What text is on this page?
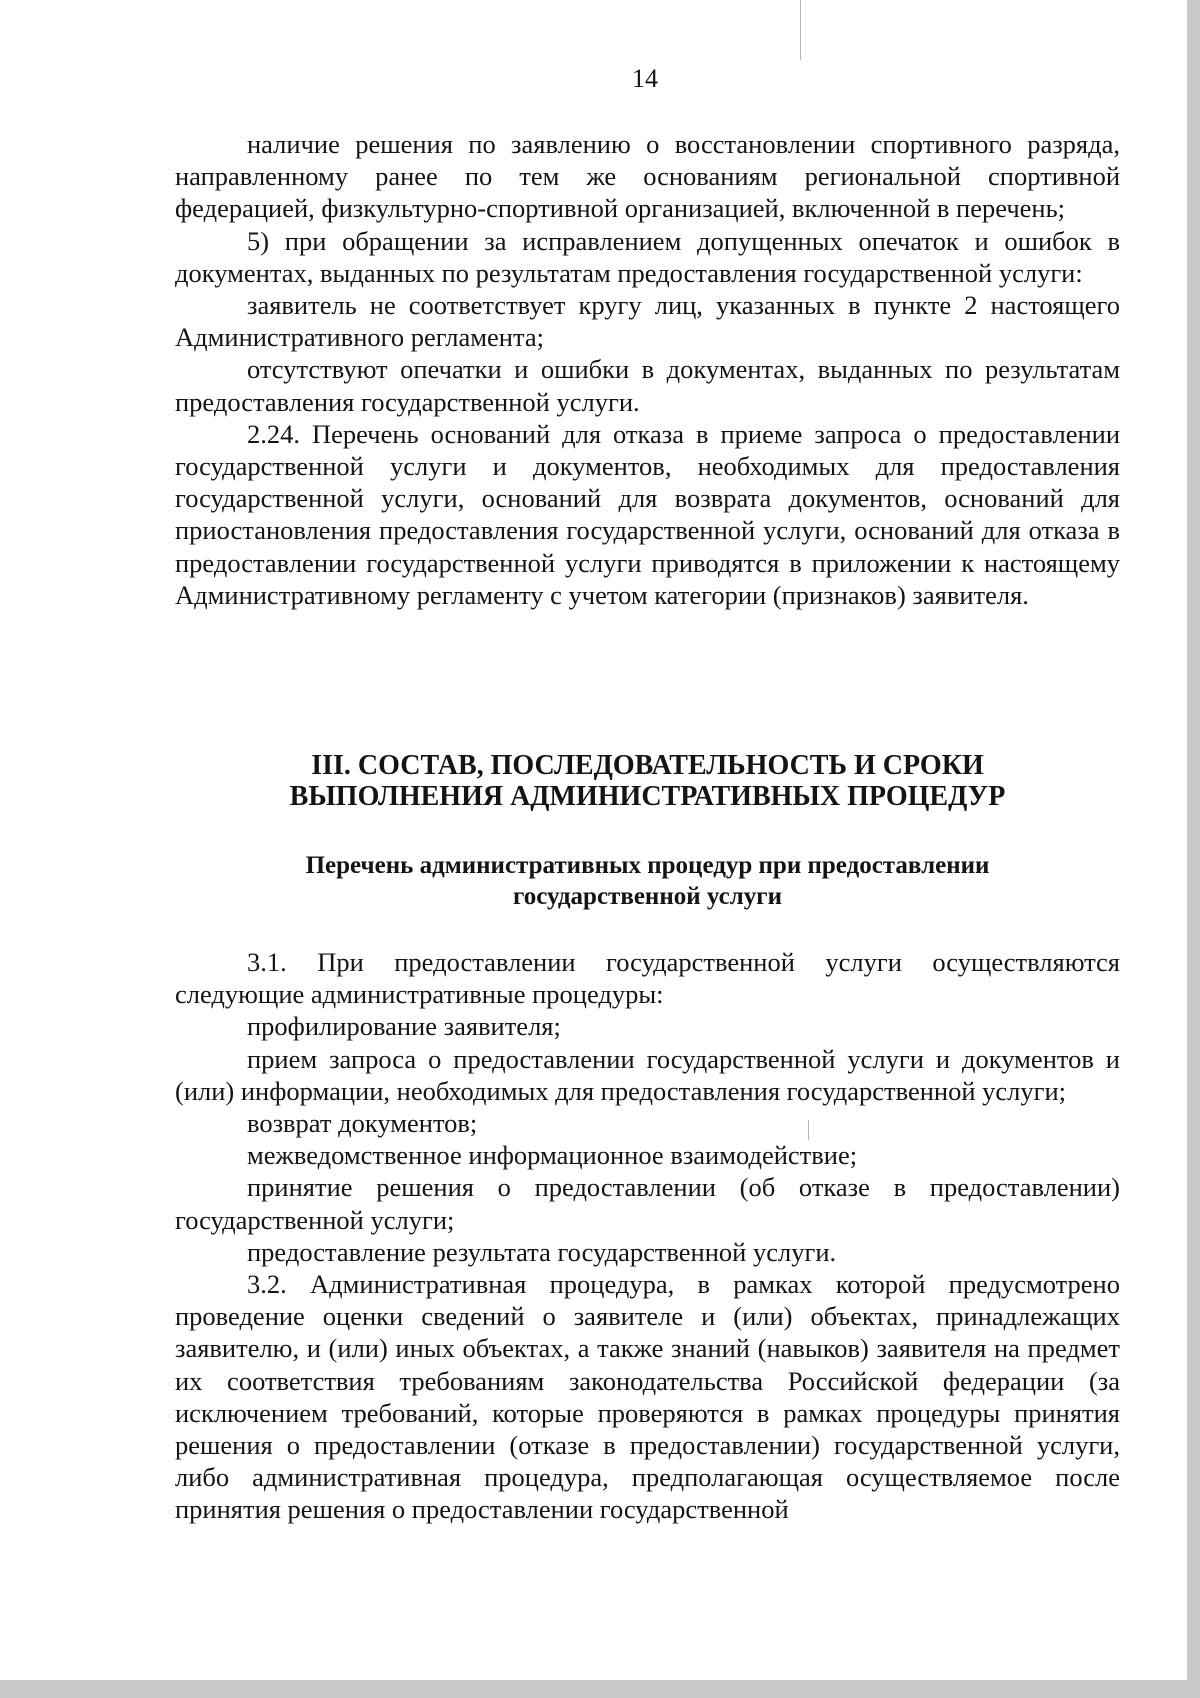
14

наличие решения по заявлению о восстановлении спортивного разряда, направленному ранее по тем же основаниям региональной спортивной федерацией, физкультурно-спортивной организацией, включенной в перечень;

5) при обращении за исправлением допущенных опечаток и ошибок в документах, выданных по результатам предоставления государственной услуги:

заявитель не соответствует кругу лиц, указанных в пункте 2 настоящего Административного регламента;

отсутствуют опечатки и ошибки в документах, выданных по результатам предоставления государственной услуги.

2.24. Перечень оснований для отказа в приеме запроса о предоставлении государственной услуги и документов, необходимых для предоставления государственной услуги, оснований для возврата документов, оснований для приостановления предоставления государственной услуги, оснований для отказа в предоставлении государственной услуги приводятся в приложении к настоящему Административному регламенту с учетом категории (признаков) заявителя.

III. СОСТАВ, ПОСЛЕДОВАТЕЛЬНОСТЬ И СРОКИ
ВЫПОЛНЕНИЯ АДМИНИСТРАТИВНЫХ ПРОЦЕДУР
Перечень административных процедур при предоставлении
государственной услуги

3.1. При предоставлении государственной услуги осуществляются следующие административные процедуры:

профилирование заявителя;

прием запроса о предоставлении государственной услуги и документов и (или) информации, необходимых для предоставления государственной услуги;

возврат документов;

межведомственное информационное взаимодействие;

принятие решения о предоставлении (об отказе в предоставлении) государственной услуги;

предоставление результата государственной услуги.

3.2. Административная процедура, в рамках которой предусмотрено проведение оценки сведений о заявителе и (или) объектах, принадлежащих заявителю, и (или) иных объектах, а также знаний (навыков) заявителя на предмет их соответствия требованиям законодательства Российской федерации (за исключением требований, которые проверяются в рамках процедуры принятия решения о предоставлении (отказе в предоставлении) государственной услуги, либо административная процедура, предполагающая осуществляемое после принятия решения о предоставлении государственной
